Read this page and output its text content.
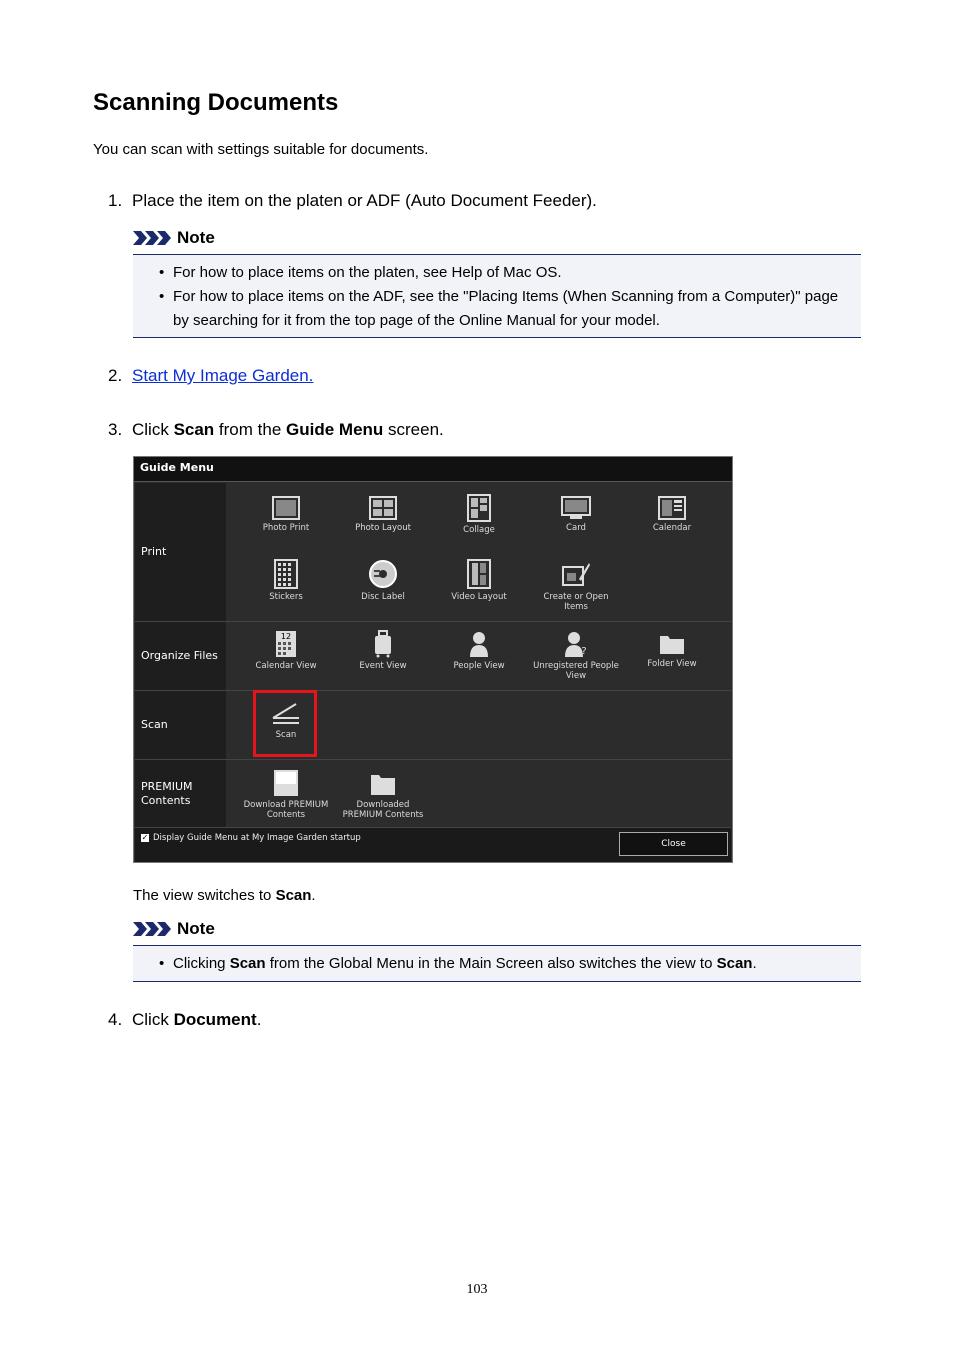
Scanning Documents
You can scan with settings suitable for documents.
1. Place the item on the platen or ADF (Auto Document Feeder).
Note
• For how to place items on the platen, see Help of Mac OS.
• For how to place items on the ADF, see the "Placing Items (When Scanning from a Computer)" page by searching for it from the top page of the Online Manual for your model.
2. Start My Image Garden.
3. Click Scan from the Guide Menu screen.
Guide Menu
Print
Photo Print	Photo Layout	Collage	Card	Calendar
Stickers	Disc Label	Video Layout	Create or Open Items
Organize Files
12
Calendar View	Event View	People View
?
Unregistered People View
Folder View
Scan
Scan
PREMIUM Contents	Download PREMIUM Contents
Downloaded PREMIUM Contents
✓ Display Guide Menu at My Image Garden startup
Close
The view switches to Scan.
Note
• Clicking Scan from the Global Menu in the Main Screen also switches the view to Scan.
4. Click Document.
103
